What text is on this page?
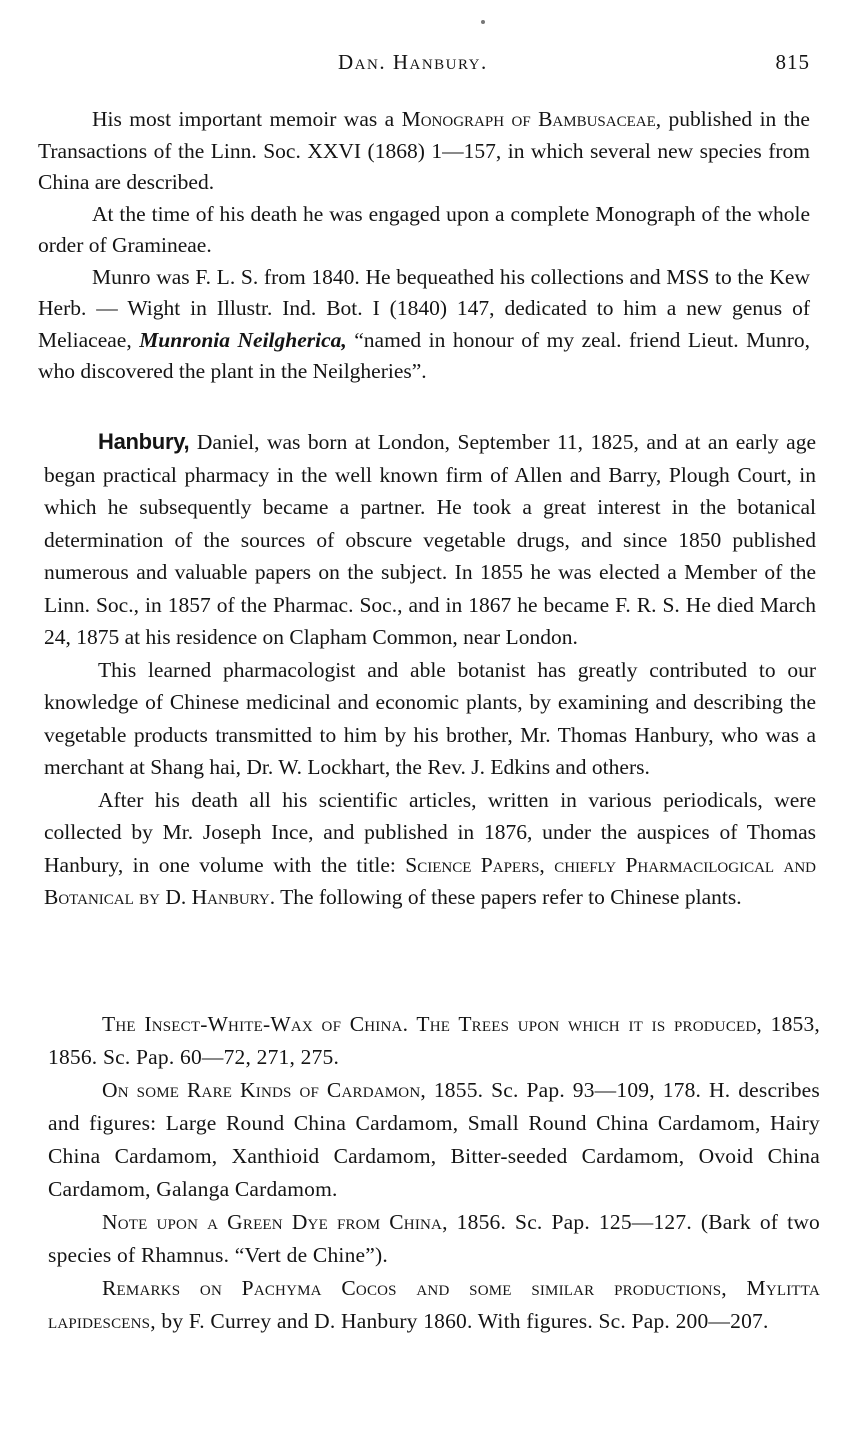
Dan. Hanbury.	815

His most important memoir was a Monograph of Bambusaceae, published in the Transactions of the Linn. Soc. XXVI (1868) 1—157, in which several new species from China are described.

At the time of his death he was engaged upon a complete Monograph of the whole order of Gramineae.

Munro was F. L. S. from 1840. He bequeathed his collections and MSS to the Kew Herb. — Wight in Illustr. Ind. Bot. I (1840) 147, dedicated to him a new genus of Meliaceae, Munronia Neilgherica, “named in honour of my zeal. friend Lieut. Munro, who discovered the plant in the Neilgheries”.

Hanbury, Daniel, was born at London, September 11, 1825, and at an early age began practical pharmacy in the well known firm of Allen and Barry, Plough Court, in which he subsequently became a partner. He took a great interest in the botanical determination of the sources of obscure vegetable drugs, and since 1850 published numerous and valuable papers on the subject. In 1855 he was elected a Member of the Linn. Soc., in 1857 of the Pharmac. Soc., and in 1867 he became F. R. S. He died March 24, 1875 at his residence on Clapham Common, near London.

This learned pharmacologist and able botanist has greatly contributed to our knowledge of Chinese medicinal and economic plants, by examining and describing the vegetable products transmitted to him by his brother, Mr. Thomas Hanbury, who was a merchant at Shang hai, Dr. W. Lockhart, the Rev. J. Edkins and others.

After his death all his scientific articles, written in various periodicals, were collected by Mr. Joseph Ince, and published in 1876, under the auspices of Thomas Hanbury, in one volume with the title: Science Papers, chiefly Pharmacilogical and Botanical by D. Hanbury. The following of these papers refer to Chinese plants.

The Insect-White-Wax of China. The Trees upon which it is produced, 1853, 1856. Sc. Pap. 60—72, 271, 275.

On some Rare Kinds of Cardamon, 1855. Sc. Pap. 93—109, 178. H. describes and figures: Large Round China Cardamom, Small Round China Cardamom, Hairy China Cardamom, Xanthioid Cardamom, Bitter-seeded Cardamom, Ovoid China Cardamom, Galanga Cardamom.

Note upon a Green Dye from China, 1856. Sc. Pap. 125—127. (Bark of two species of Rhamnus. “Vert de Chine”).

Remarks on Pachyma Cocos and some similar productions, Mylitta lapidescens, by F. Currey and D. Hanbury 1860. With figures. Sc. Pap. 200—207.
